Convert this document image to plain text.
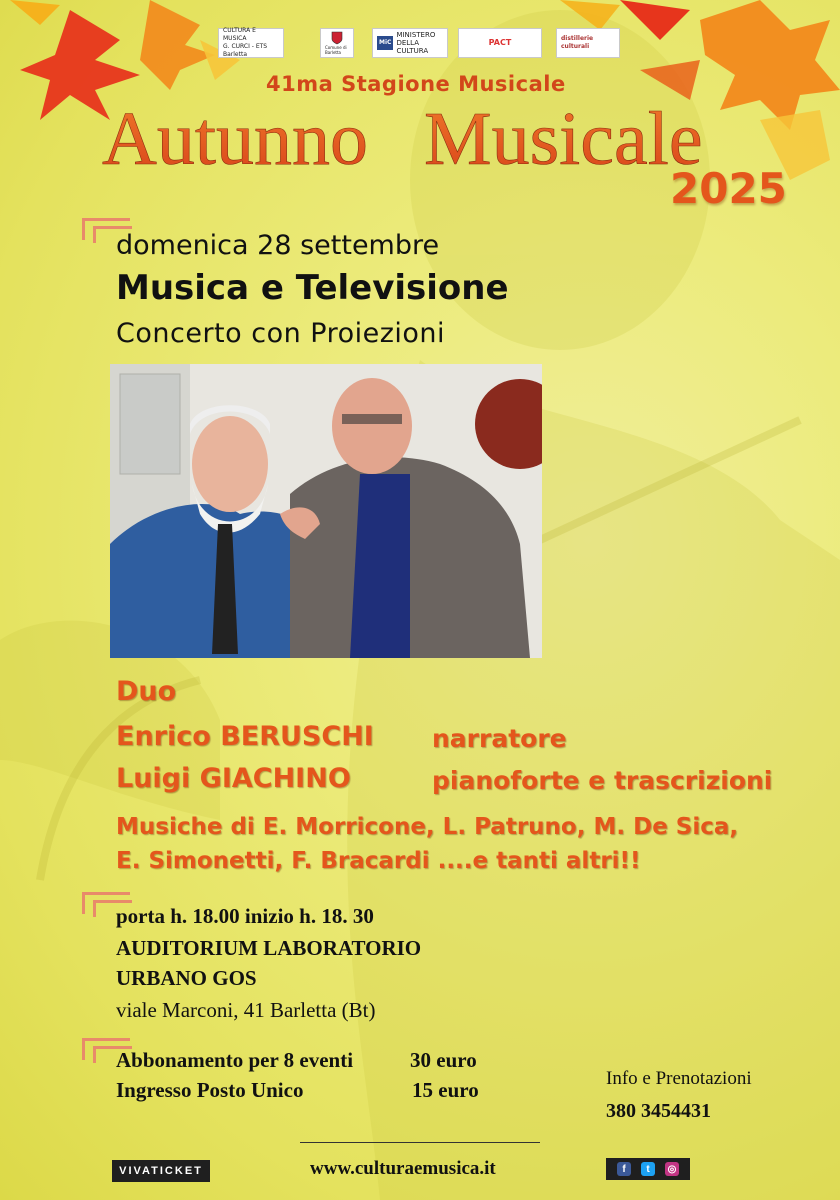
CULTURA E MUSICA
G. CURCI - ETS
Barletta
Comune di Barletta
MiC
MINISTERO
DELLA
CULTURA
PACT	distillerie culturali
41ma Stagione Musicale
Autunno Musicale
2025
domenica 28 settembre
Musica e Televisione
Concerto con Proiezioni
Duo
Enrico BERUSCHI narratore
Luigi GIACHINO	pianoforte e trascrizioni
Musiche di E. Morricone, L. Patruno, M. De Sica,
E. Simonetti, F. Bracardi ....e tanti altri!!
porta h. 18.00 inizio h. 18. 30
AUDITORIUM LABORATORIO
URBANO GOS
viale Marconi, 41 Barletta (Bt)
Abbonamento per 8 eventi	30 euro
Ingresso Posto Unico	15 euro	Info e Prenotazioni
380 3454431
VIVATICKET	www.culturaemusica.it	f	t	◎
